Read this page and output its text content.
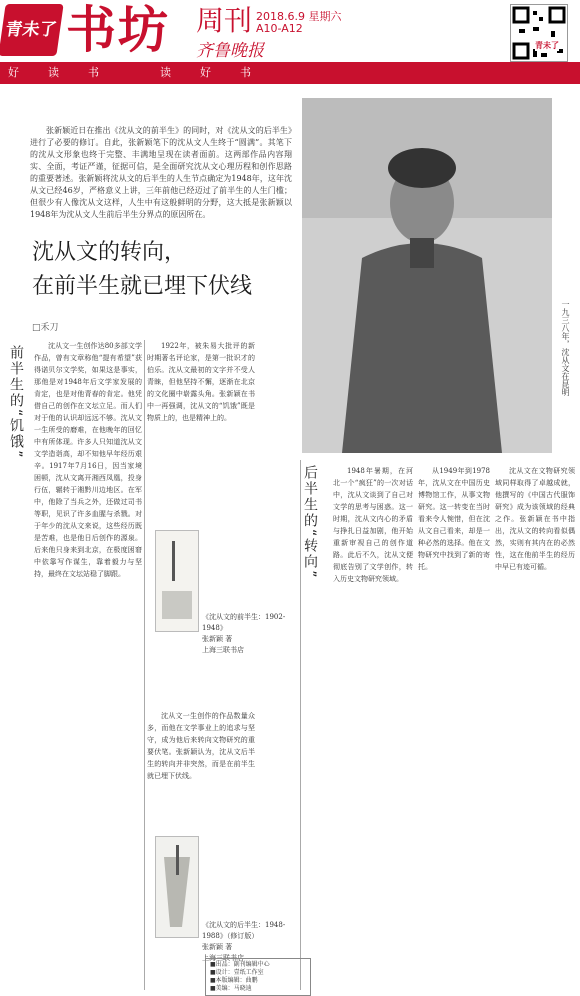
青未了 书坊 周刊
齐鲁晚报
2018.6.9 星期六
A10-A12
青未了
好 读 书	读 好 书
张新颖近日在推出《沈从文的前半生》的同时，对《沈从文的后半生》进行了必要的修订。自此，张新颖笔下的沈从文人生终于“圆满”。其笔下的沈从文形象也终于完整、丰满地呈现在读者面前。这两部作品内容翔实、全面，考证严谨，征据可信，是全面研究沈从文心理历程和创作思路的重要著述。张新颖将沈从文的后半生的人生节点确定为1948年，这年沈从文已经46岁，严格意义上讲，三年前他已经迈过了前半生的人生门槛；但很少有人像沈从文这样，人生中有这般鲜明的分野，这大抵是张新颖以1948年为沈从文人生前后半生分界点的原因所在。
一九三八年，沈从文在昆明
沈从文的转向，
在前半生就已埋下伏线
□禾刀
前半生的“饥饿”
后半生的“转向”
沈从文一生创作达80多部文学作品，曾有文章称他“提有希望”获得诺贝尔文学奖，如果这是事实，那他是对1948年后文学家发展的肯定，也是对他青春的肯定。他凭借自己的创作在文坛立足。而人们对于他的认识却远远不够。沈从文一生所受的磨难，在他晚年的回忆中有所体现。许多人只知道沈从文文学造诣高，却不知他早年经历艰辛。1917年7月16日，因当家境困顿，沈从文离开湘西凤凰，投身行伍，辗转于湘黔川边地区。在军中，他除了当兵之外，还做过司书等职，见识了许多血腥与杀戮。对于年少的沈从文来说，这些经历既是苦难，也是他日后创作的源泉。后来他只身来到北京，在极度困窘中依靠写作谋生，靠着毅力与坚持，最终在文坛站稳了脚跟。
1922年，被朱易大批评的新时期著名评论家，是第一批识才的伯乐。沈从文最初的文字并不受人青睐，但他坚持不懈，逐渐在北京的文化圈中崭露头角。张新颖在书中一再强调，沈从文的“饥饿”既是物质上的，也是精神上的。
沈从文一生创作的作品数量众多，而他在文学事业上的追求与坚守，成为他后来转向文物研究的重要伏笔。张新颖认为，沈从文后半生的转向并非突然，而是在前半生就已埋下伏线。
1948年暑期，在河北一个“疯狂”的一次对话中，沈从文谈到了自己对文学的思考与困惑。这一时期，沈从文内心的矛盾与挣扎日益加剧，他开始重新审视自己的创作道路。此后不久，沈从文便彻底告别了文学创作，转入历史文物研究领域。
从1949年到1978年，沈从文在中国历史博物馆工作，从事文物研究。这一转变在当时看来令人惋惜，但在沈从文自己看来，却是一种必然的选择。他在文物研究中找到了新的寄托。
沈从文在文物研究领域同样取得了卓越成就，他撰写的《中国古代服饰研究》成为该领域的经典之作。张新颖在书中指出，沈从文的转向看似偶然，实则有其内在的必然性，这在他前半生的经历中早已有迹可循。
《沈从文的前半生：1902-1948》
张新颖 著
上海三联书店
《沈从文的后半生：1948-1988》（修订版）
张新颖 著
上海三联书店
■出品：副刊编辑中心
■设计：壹纸工作室
■本版编辑：曲鹏
■美编：马晓迪
